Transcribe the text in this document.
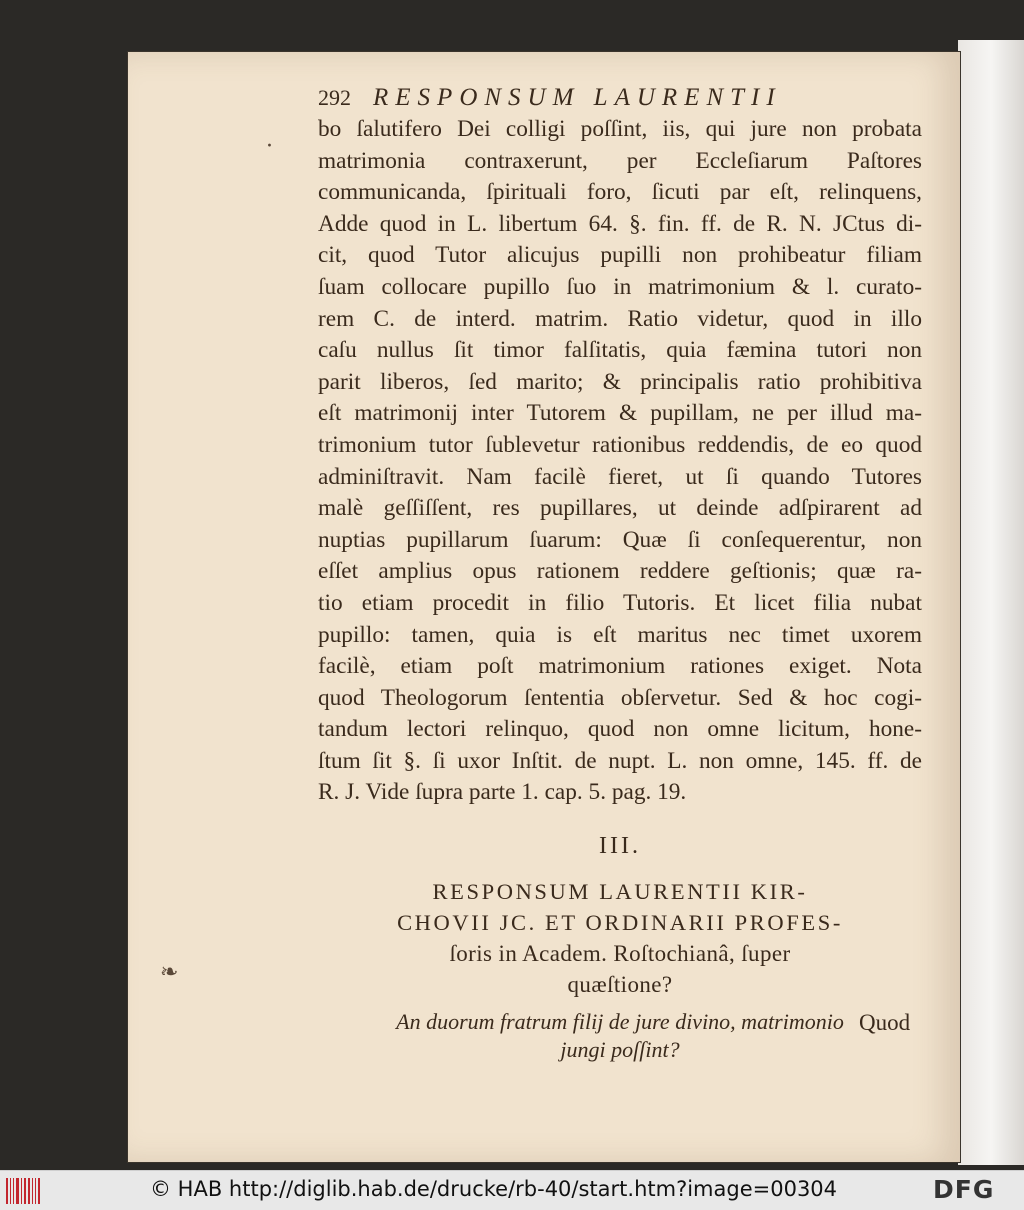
·
❧
292 RESPONSUM LAURENTII
bo ſalutifero Dei colligi poſſint, iis, qui jure non probata
matrimonia contraxerunt, per Eccleſiarum Paſtores
communicanda, ſpirituali foro, ſicuti par eſt, relinquens,
Adde quod in L. libertum 64. §. fin. ff. de R. N. JCtus di-
cit, quod Tutor alicujus pupilli non prohibeatur filiam
ſuam collocare pupillo ſuo in matrimonium & l. curato-
rem C. de interd. matrim. Ratio videtur, quod in illo
caſu nullus ſit timor falſitatis, quia fæmina tutori non
parit liberos, ſed marito; & principalis ratio prohibitiva
eſt matrimonij inter Tutorem & pupillam, ne per illud ma-
trimonium tutor ſublevetur rationibus reddendis, de eo quod
adminiſtravit. Nam facilè fieret, ut ſi quando Tutores
malè geſſiſſent, res pupillares, ut deinde adſpirarent ad
nuptias pupillarum ſuarum: Quæ ſi conſequerentur, non
eſſet amplius opus rationem reddere geſtionis; quæ ra-
tio etiam procedit in filio Tutoris. Et licet filia nubat
pupillo: tamen, quia is eſt maritus nec timet uxorem
facilè, etiam poſt matrimonium rationes exiget. Nota
quod Theologorum ſententia obſervetur. Sed & hoc cogi-
tandum lectori relinquo, quod non omne licitum, hone-
ſtum ſit §. ſi uxor Inſtit. de nupt. L. non omne, 145. ff. de
R. J. Vide ſupra parte 1. cap. 5. pag. 19.
III.
RESPONSUM LAURENTII KIR-
CHOVII JC. ET ORDINARII PROFES-
ſoris in Academ. Roſtochianâ, ſuper
quæſtione?
An duorum fratrum filij de jure divino, matrimonio
jungi poſſint?
Quod
© HAB http://diglib.hab.de/drucke/rb-40/start.htm?image=00304	DFG
